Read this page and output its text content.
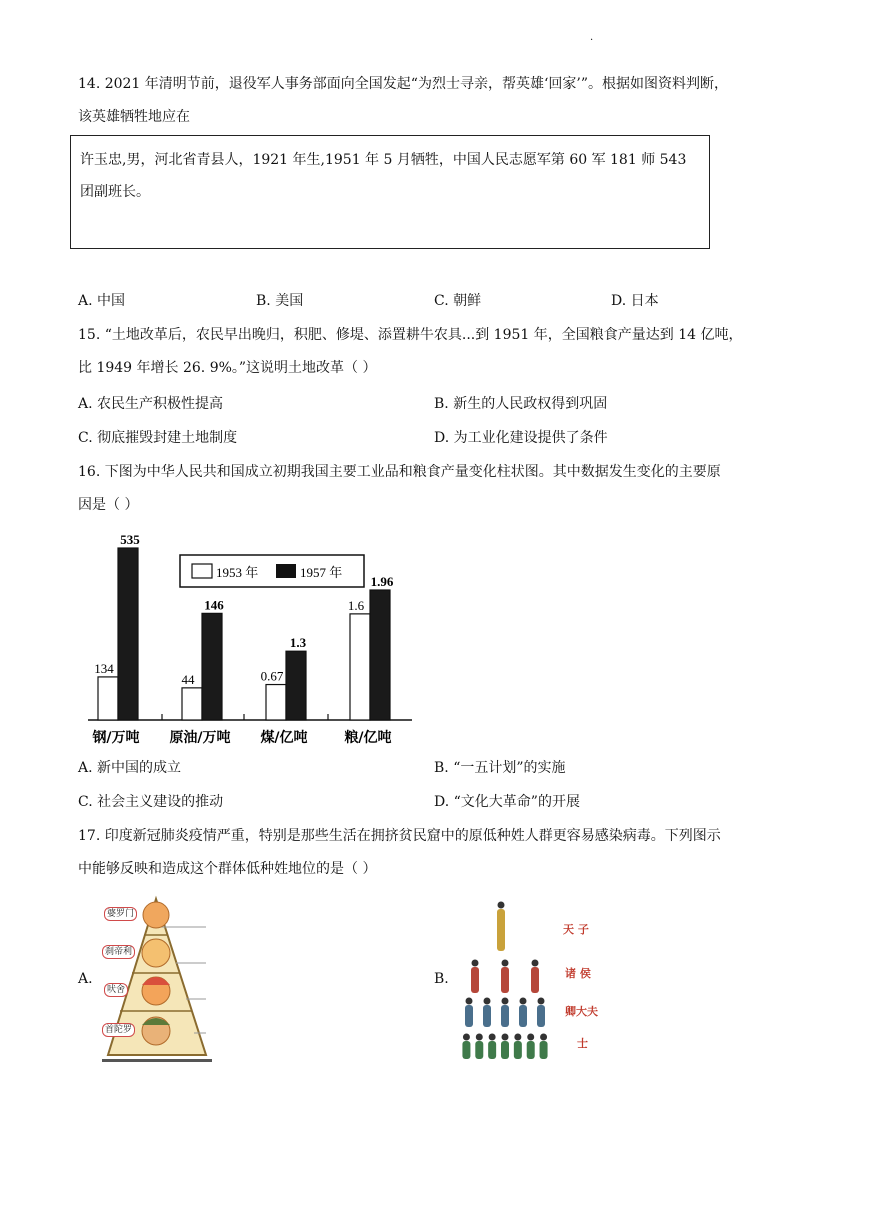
.
14. 2021 年清明节前，退役军人事务部面向全国发起“为烈士寻亲，帮英雄‘回家’”。根据如图资料判断，
该英雄牺牲地应在
许玉忠,男，河北省青县人，1921 年生,1951 年 5 月牺牲，中国人民志愿军第 60 军 181 师 543
团副班长。
A. 中国	B. 美国	C. 朝鲜	D. 日本
15. “土地改革后，农民早出晚归，积肥、修堤、添置耕牛农具...到 1951 年，全国粮食产量达到 14 亿吨，
比 1949 年增长 26. 9%。”这说明土地改革（ ）
A. 农民生产积极性提高	B. 新生的人民政权得到巩固
C. 彻底摧毁封建土地制度	D. 为工业化建设提供了条件
16. 下图为中华人民共和国成立初期我国主要工业品和粮食产量变化柱状图。其中数据发生变化的主要原
因是（ ）
134
535
钢/万吨
44
146
原油/万吨
0.67
1.3
煤/亿吨
1.6
1.96
粮/亿吨
1953 年	1957 年
A. 新中国的成立	B. “一五计划”的实施
C. 社会主义建设的推动	D. “文化大革命”的开展
17. 印度新冠肺炎疫情严重，特别是那些生活在拥挤贫民窟中的原低种姓人群更容易感染病毒。下列图示
中能够反映和造成这个群体低种姓地位的是（ ）
A.	B.
婆罗门
刹帝利
吠舍
首陀罗
天 子
诸 侯
卿大夫
士
